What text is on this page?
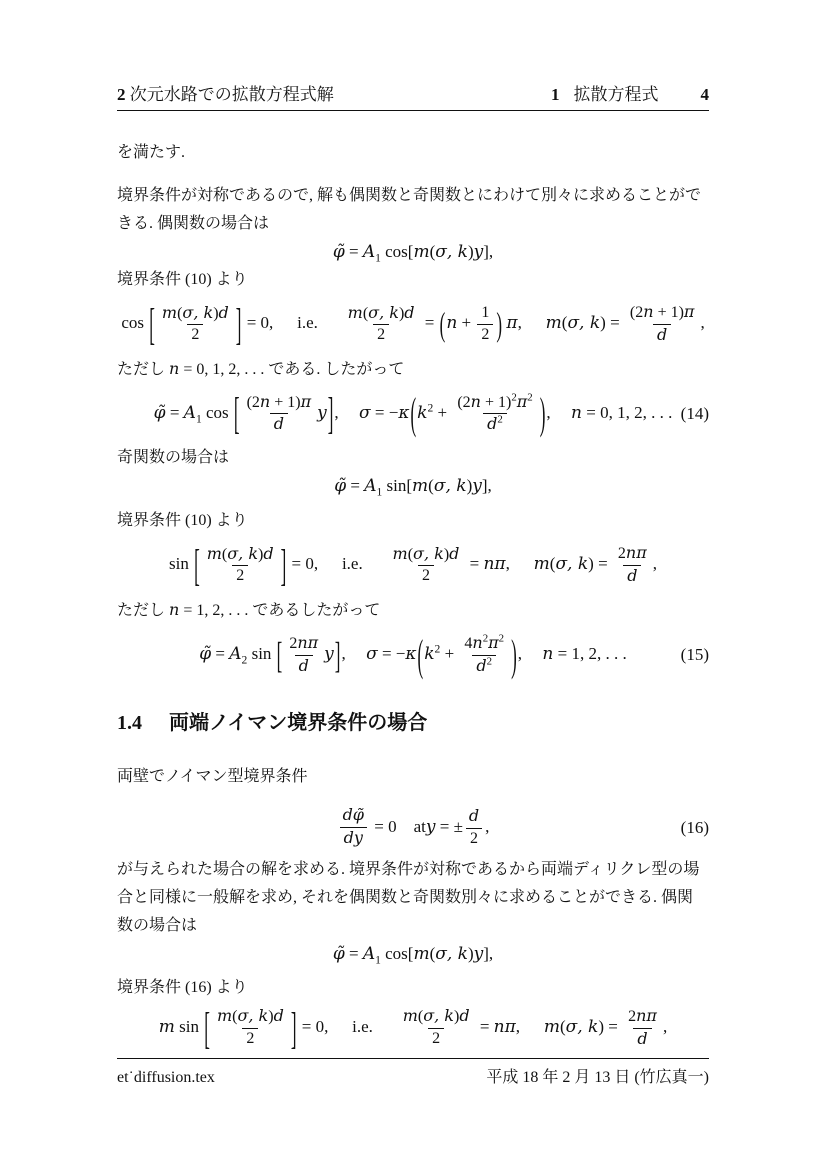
2 次元水路での拡散方程式解	1 拡散方程式 4
を満たす.
境界条件が対称であるので, 解も偶関数と奇関数とにわけて別々に求めることがで
きる. 偶関数の場合は
φ̃ = $A_1$ cos[m(σ, k)y],
境界条件 (10) より
cos [ $\frac{m(\sigma, k)d}{2}$ ] = 0, i.e. $\frac{m(\sigma, k)d}{2} = (n + \frac{1}{2}$ ) π, m(σ, $k) = \frac{(2n + 1)\pi}{d}$ ,
ただし n = 0, 1, 2, . . . である. したがって
φ̃ = $A_1$ cos [ $\frac{(2n + 1)\pi}{d} y$], $\sigma = -\kappa(k^2 + \frac{(2n + 1)^2\pi^2}{d^2}$ ), n = 0, 1, 2, . . . (14)
奇関数の場合は
φ̃ = $A_1$ sin[m(σ, k)y],
境界条件 (10) より
sin [ $\frac{m(\sigma, k)d}{2}$ ] = 0, i.e. $\frac{m(\sigma, k)d}{2} = n\pi$, m(σ, $k) = \frac{2n\pi}{d}$ ,
ただし n = 1, 2, . . . であるしたがって
φ̃ = $A_2$ sin [ $\frac{2n\pi}{d} y$], $\sigma = -\kappa(k^2 + \frac{4n^2\pi^2}{d^2}$ ), n = 1, 2, . . .	(15)
1.4 両端ノイマン境界条件の場合
両壁でノイマン型境界条件
$\frac{d\varphĩ}{dy} = 0$ aty = ± $\frac{d}{2}$ ,	(16)
が与えられた場合の解を求める. 境界条件が対称であるから両端ディリクレ型の場
合と同様に一般解を求め, それを偶関数と奇関数別々に求めることができる. 偶関
数の場合は
φ̃ = $A_1$ cos[m(σ, k)y],
境界条件 (16) より
m sin [ $\frac{m(\sigma, k)d}{2}$ ] = 0, i.e. $\frac{m(\sigma, k)d}{2} = n\pi$, m(σ, $k) = \frac{2n\pi}{d}$ ,
et˙diffusion.tex	平成 18 年 2 月 13 日 (竹広真一)
